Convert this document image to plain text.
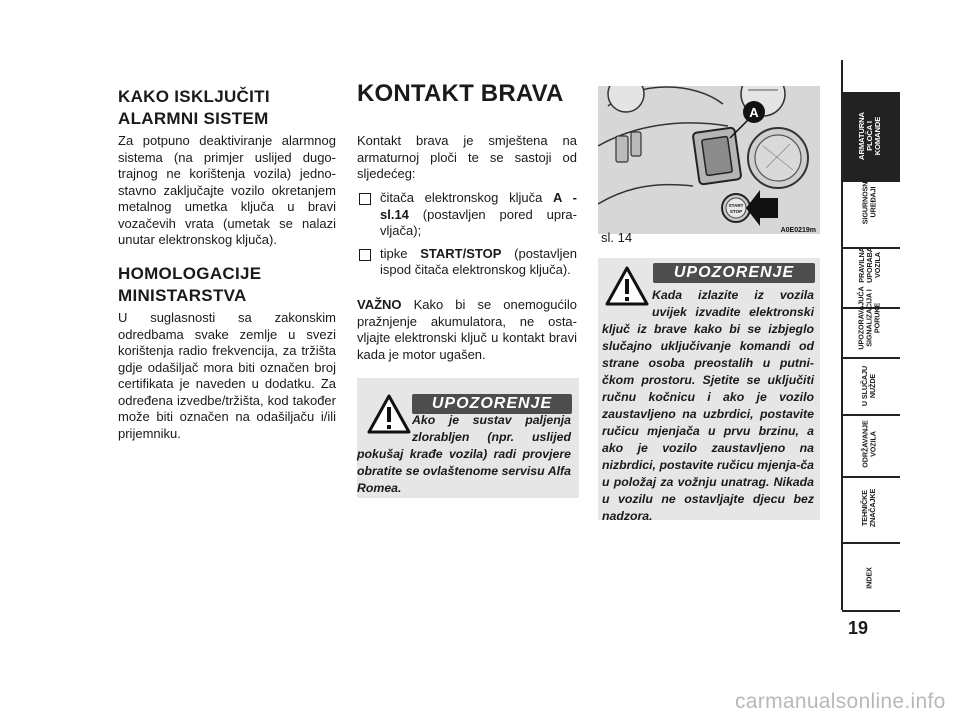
KAKO ISKLJUČITI
ALARMNI SISTEM
Za potpuno deaktiviranje alarmnog sistema (na primjer uslijed dugo-trajnog ne korištenja vozila) jedno-stavno zaključajte vozilo okretanjem metalnog umetka ključa u bravi vozačevih vrata (umetak se nalazi unutar elektronskog ključa).
HOMOLOGACIJE
MINISTARSTVA
U suglasnosti sa zakonskim odredbama svake zemlje u svezi korištenja radio frekvencija, za tržišta gdje odašiljač mora biti označen broj certifikata je naveden u dodatku. Za određena izvedbe/tržišta, kod također može biti označen na odašiljaču i/ili prijemniku.
KONTAKT BRAVA
Kontakt brava je smještena na armaturnoj ploči te se sastoji od sljedećeg:
čitača elektronskog ključa A - sl.14 (postavljen pored upra-vljača);
tipke START/STOP (postavljen ispod čitača elektronskog ključa).
VAŽNO Kako bi se onemogućilo pražnjenje akumulatora, ne osta-vljajte elektronski ključ u kontakt bravi kada je motor ugašen.
UPOZORENJE
Ako je sustav paljenja zlorabljen (npr. uslijed pokušaj krađe vozila) radi provjere obratite se ovlaštenome servisu Alfa Romea.
START
STOP
A
A0E0219m
sl. 14
UPOZORENJE
Kada izlazite iz vozila uvijek izvadite elektronski ključ iz brave kako bi se izbjeglo slučajno uključivanje komandi od strane osoba preostalih u putni-čkom prostoru. Sjetite se uključiti ručnu kočnicu i ako je vozilo zaustavljeno na uzbrdici, postavite ručicu mjenjača u prvu brzinu, a ako je vozilo zaustavljeno na nizbrdici, postavite ručicu mjenja-ča u položaj za vožnju unatrag. Nikada u vozilu ne ostavljajte djecu bez nadzora.
ARMATURNA
PLOČA I
KOMANDE
SIGURNOSNI
UREĐAJI
PRAVILNA
UPORABA
VOZILA
UPOZORAVAJUĆA
SIGNALIZACIJA I
PORUKE
U SLUČAJU
NUŽDE
ODRŽAVANJE
VOZILA
TEHNIČKE
ZNAČAJKE
INDEX
19
carmanualsonline.info
